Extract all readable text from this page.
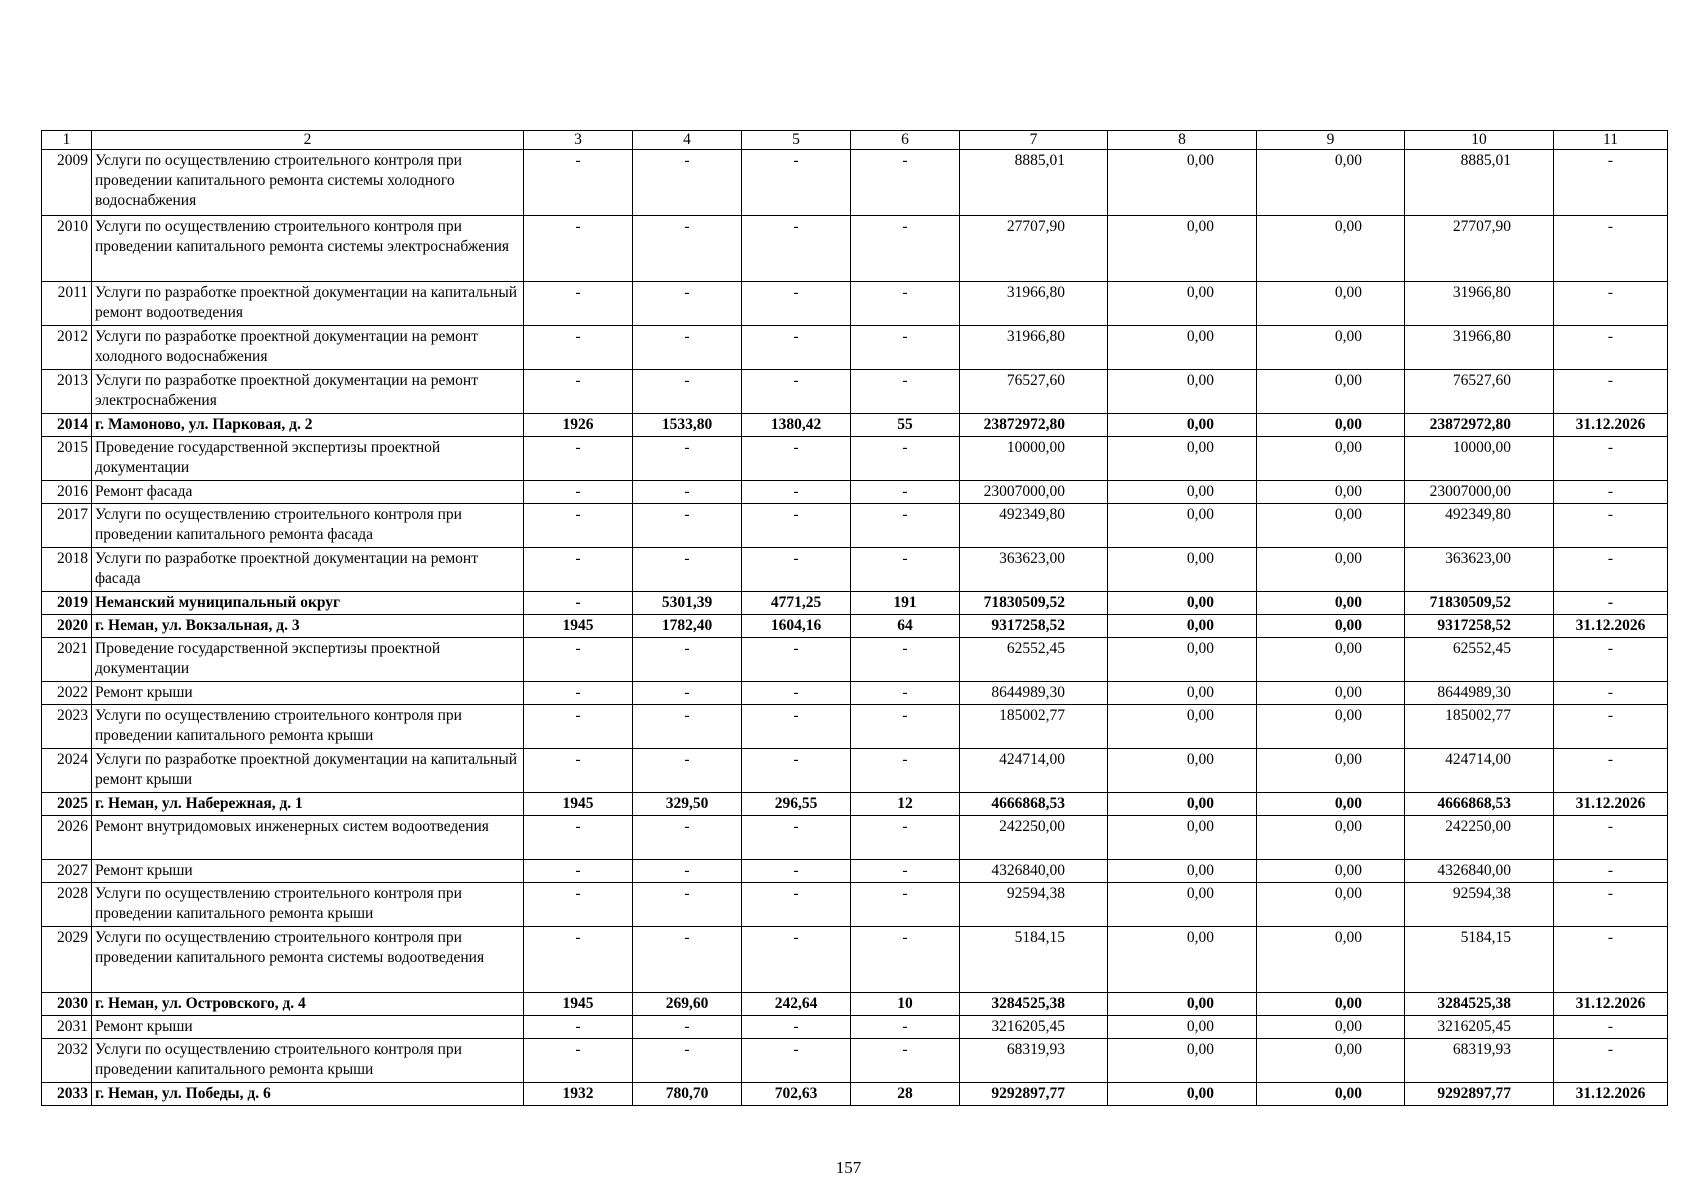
1	2	3	4	5	6	7	8	9	10	11
2009	Услуги по осуществлению строительного контроля при проведении капитального ремонта системы холодного водоснабжения	-	-	-	-	8885,01	0,00	0,00	8885,01	-
2010	Услуги по осуществлению строительного контроля при проведении капитального ремонта системы электроснабжения	-	-	-	-	27707,90	0,00	0,00	27707,90	-
2011	Услуги по разработке проектной документации на капитальный ремонт водоотведения	-	-	-	-	31966,80	0,00	0,00	31966,80	-
2012	Услуги по разработке проектной документации на ремонт холодного водоснабжения	-	-	-	-	31966,80	0,00	0,00	31966,80	-
2013	Услуги по разработке проектной документации на ремонт электроснабжения	-	-	-	-	76527,60	0,00	0,00	76527,60	-
2014	г. Мамоново, ул. Парковая, д. 2	1926	1533,80	1380,42	55	23872972,80	0,00	0,00	23872972,80	31.12.2026
2015	Проведение государственной экспертизы проектной документации	-	-	-	-	10000,00	0,00	0,00	10000,00	-
2016	Ремонт фасада	-	-	-	-	23007000,00	0,00	0,00	23007000,00	-
2017	Услуги по осуществлению строительного контроля при проведении капитального ремонта фасада	-	-	-	-	492349,80	0,00	0,00	492349,80	-
2018	Услуги по разработке проектной документации на ремонт фасада	-	-	-	-	363623,00	0,00	0,00	363623,00	-
2019	Неманский муниципальный округ	-	5301,39	4771,25	191	71830509,52	0,00	0,00	71830509,52	-
2020	г. Неман, ул. Вокзальная, д. 3	1945	1782,40	1604,16	64	9317258,52	0,00	0,00	9317258,52	31.12.2026
2021	Проведение государственной экспертизы проектной документации	-	-	-	-	62552,45	0,00	0,00	62552,45	-
2022	Ремонт крыши	-	-	-	-	8644989,30	0,00	0,00	8644989,30	-
2023	Услуги по осуществлению строительного контроля при проведении капитального ремонта крыши	-	-	-	-	185002,77	0,00	0,00	185002,77	-
2024	Услуги по разработке проектной документации на капитальный ремонт крыши	-	-	-	-	424714,00	0,00	0,00	424714,00	-
2025	г. Неман, ул. Набережная, д. 1	1945	329,50	296,55	12	4666868,53	0,00	0,00	4666868,53	31.12.2026
2026	Ремонт внутридомовых инженерных систем водоотведения	-	-	-	-	242250,00	0,00	0,00	242250,00	-
2027	Ремонт крыши	-	-	-	-	4326840,00	0,00	0,00	4326840,00	-
2028	Услуги по осуществлению строительного контроля при проведении капитального ремонта крыши	-	-	-	-	92594,38	0,00	0,00	92594,38	-
2029	Услуги по осуществлению строительного контроля при проведении капитального ремонта системы водоотведения	-	-	-	-	5184,15	0,00	0,00	5184,15	-
2030	г. Неман, ул. Островского, д. 4	1945	269,60	242,64	10	3284525,38	0,00	0,00	3284525,38	31.12.2026
2031	Ремонт крыши	-	-	-	-	3216205,45	0,00	0,00	3216205,45	-
2032	Услуги по осуществлению строительного контроля при проведении капитального ремонта крыши	-	-	-	-	68319,93	0,00	0,00	68319,93	-
2033	г. Неман, ул. Победы, д. 6	1932	780,70	702,63	28	9292897,77	0,00	0,00	9292897,77	31.12.2026
157
